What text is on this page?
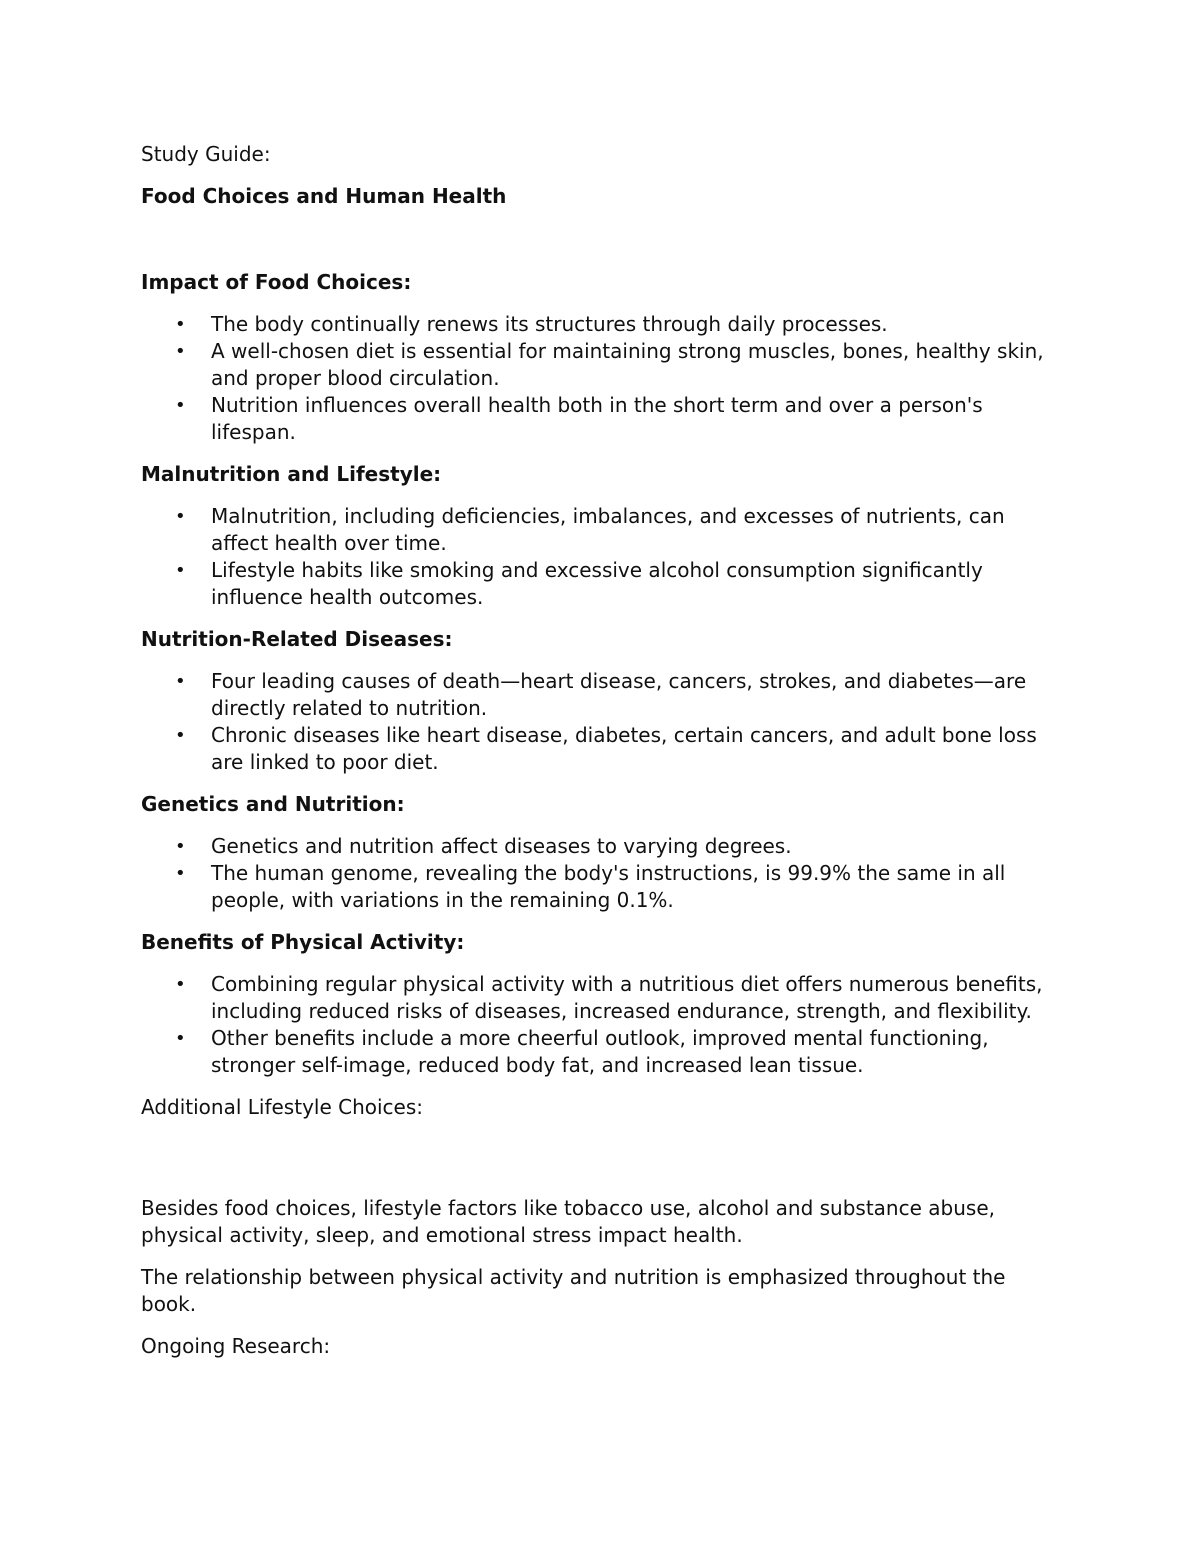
Study Guide:

Food Choices and Human Health
Impact of Food Choices:
• The body continually renews its structures through daily processes.
• A well-chosen diet is essential for maintaining strong muscles, bones, healthy skin, and proper blood circulation.
• Nutrition influences overall health both in the short term and over a person's lifespan.
Malnutrition and Lifestyle:
• Malnutrition, including deficiencies, imbalances, and excesses of nutrients, can affect health over time.
• Lifestyle habits like smoking and excessive alcohol consumption significantly influence health outcomes.
Nutrition-Related Diseases:
• Four leading causes of death—heart disease, cancers, strokes, and diabetes—are directly related to nutrition.
• Chronic diseases like heart disease, diabetes, certain cancers, and adult bone loss are linked to poor diet.
Genetics and Nutrition:
• Genetics and nutrition affect diseases to varying degrees.
• The human genome, revealing the body's instructions, is 99.9% the same in all people, with variations in the remaining 0.1%.
Benefits of Physical Activity:
• Combining regular physical activity with a nutritious diet offers numerous benefits, including reduced risks of diseases, increased endurance, strength, and flexibility.
• Other benefits include a more cheerful outlook, improved mental functioning, stronger self-image, reduced body fat, and increased lean tissue.

Additional Lifestyle Choices:

Besides food choices, lifestyle factors like tobacco use, alcohol and substance abuse, physical activity, sleep, and emotional stress impact health.

The relationship between physical activity and nutrition is emphasized throughout the book.

Ongoing Research:
